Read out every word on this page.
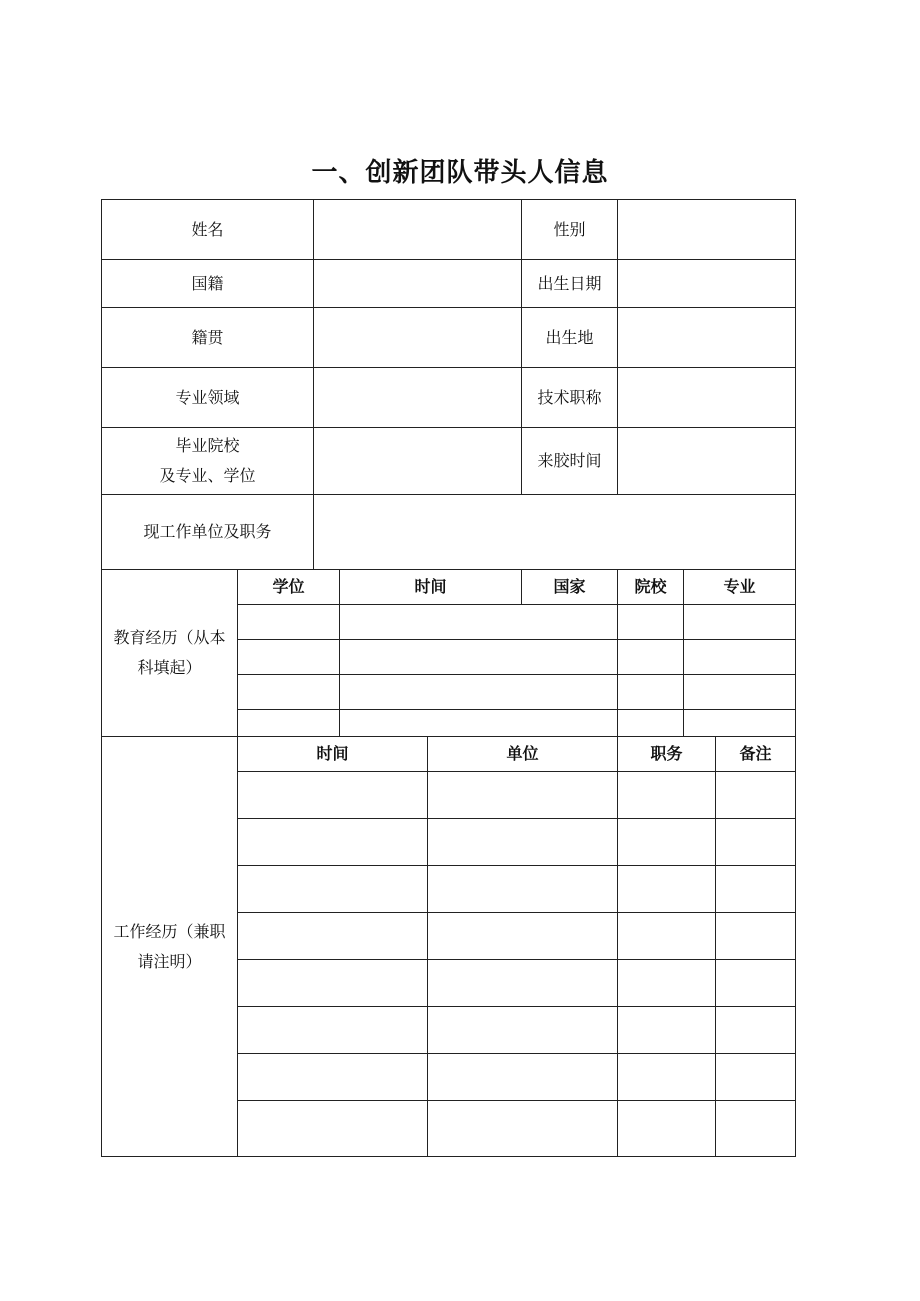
一、创新团队带头人信息
姓名					性别			
国籍					出生日期			
籍贯					出生地			
专业领域					技术职称			

毕业院校
及专业、学位					来胶时间			
现工作单位及职务								

教育经历（从本
科填起）	学位		时间		国家	院校	专业	

工作经历（兼职
请注明）	时间			单位		职务		备注
